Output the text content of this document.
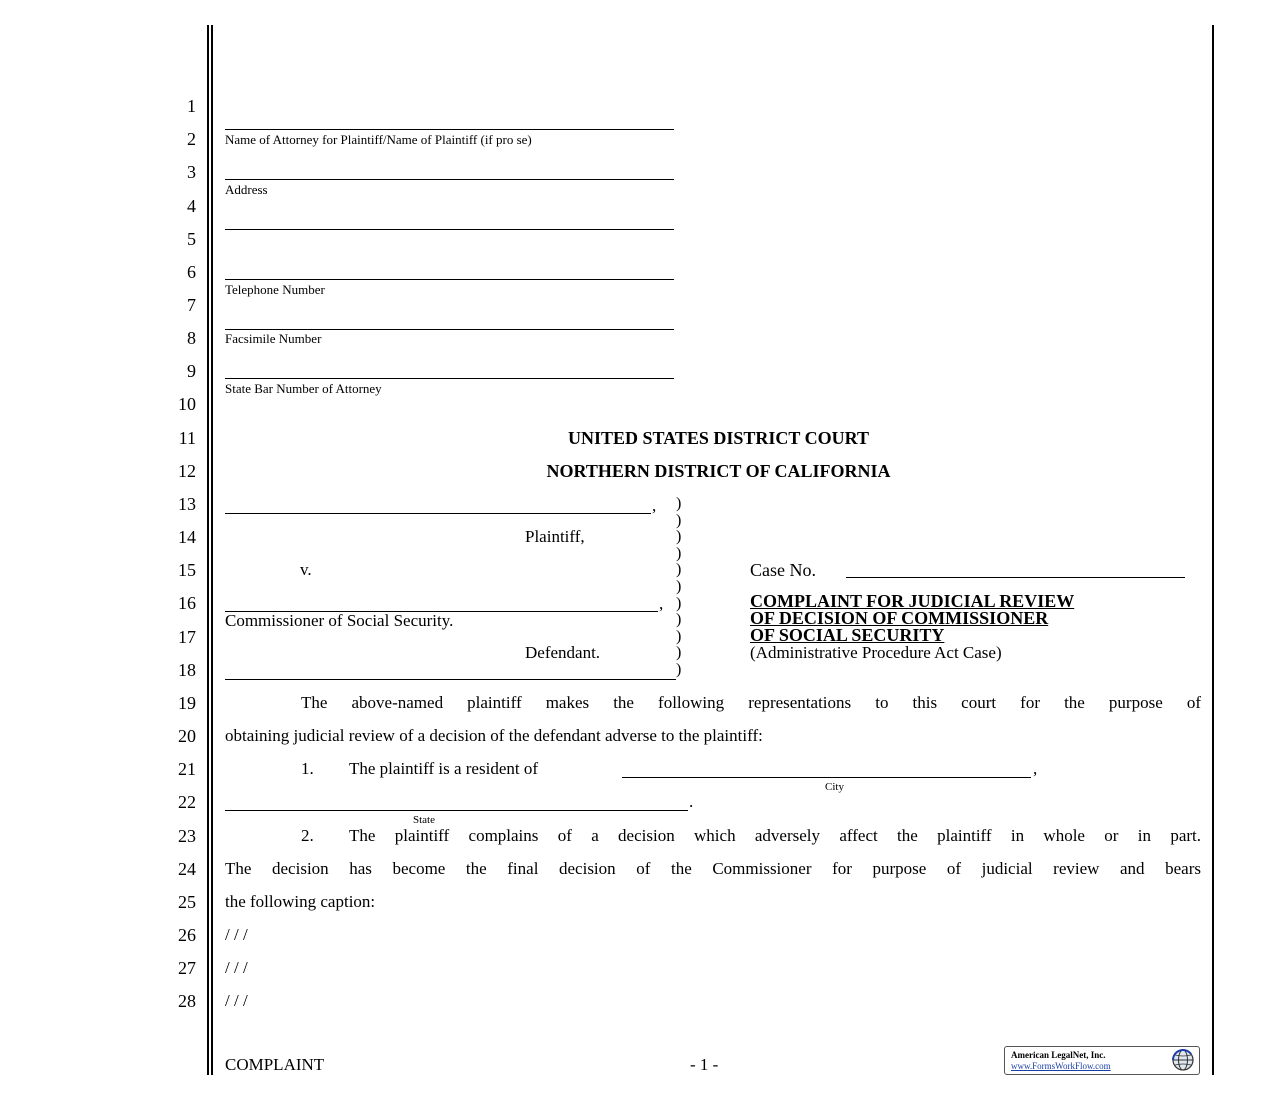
1
2
3
4
5
6
7
8
9
10
11
12
13
14
15
16
17
18
19
20
21
22
23
24
25
26
27
28
Name of Attorney for Plaintiff/Name of Plaintiff (if pro se)
Address
Telephone Number
Facsimile Number
State Bar Number of Attorney
UNITED STATES DISTRICT COURT
NORTHERN DISTRICT OF CALIFORNIA
,
Plaintiff,
v.
,
Commissioner of Social Security.
Defendant.
)
)
)
)
)
)
)
)
)
)
)
Case No.
COMPLAINT FOR JUDICIAL REVIEW
OF DECISION OF COMMISSIONER
OF SOCIAL SECURITY
(Administrative Procedure Act Case)
The above-named plaintiff makes the following representations to this court for the purpose of
obtaining judicial review of a decision of the defendant adverse to the plaintiff:
1. The plaintiff is a resident of	,
City
.
State
2. The plaintiff complains of a decision which adversely affect the plaintiff in whole or in part.
The decision has become the final decision of the Commissioner for purpose of judicial review and bears
the following caption:
/ / /
/ / /
/ / /
COMPLAINT	- 1 -	American LegalNet, Inc.
www.FormsWorkFlow.com
